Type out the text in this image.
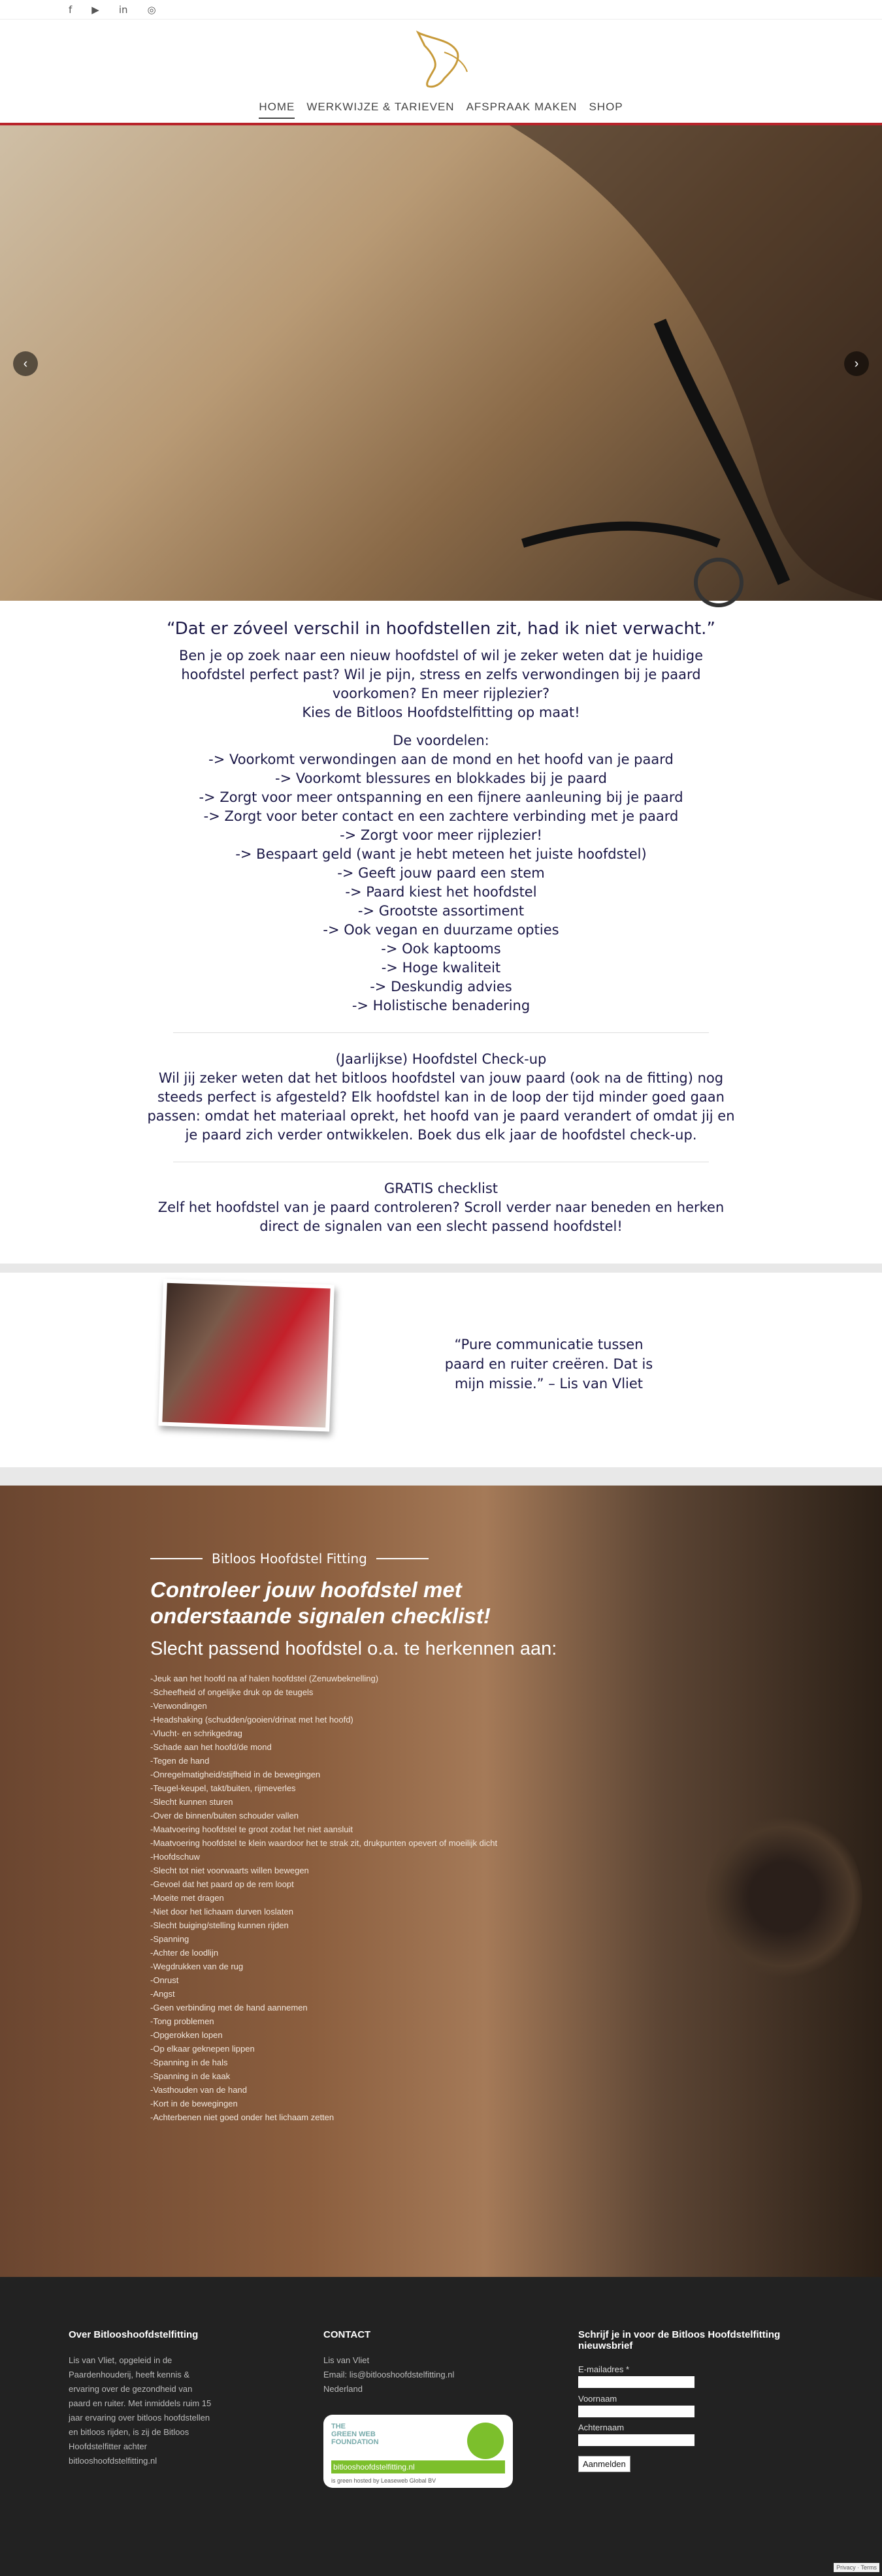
f ▶ in ◎
HOME WERKWIJZE & TARIEVEN AFSPRAAK MAKEN SHOP
‹	›
“Dat er zóveel verschil in hoofdstellen zit, had ik niet verwacht.”

Ben je op zoek naar een nieuw hoofdstel of wil je zeker weten dat je huidige hoofdstel perfect past? Wil je pijn, stress en zelfs verwondingen bij je paard voorkomen? En meer rijplezier?

Kies de Bitloos Hoofdstelfitting op maat!

De voordelen:

-> Voorkomt verwondingen aan de mond en het hoofd van je paard

-> Voorkomt blessures en blokkades bij je paard

-> Zorgt voor meer ontspanning en een fijnere aanleuning bij je paard

-> Zorgt voor beter contact en een zachtere verbinding met je paard

-> Zorgt voor meer rijplezier!

-> Bespaart geld (want je hebt meteen het juiste hoofdstel)

-> Geeft jouw paard een stem

-> Paard kiest het hoofdstel

-> Grootste assortiment

-> Ook vegan en duurzame opties

-> Ook kaptooms

-> Hoge kwaliteit

-> Deskundig advies

-> Holistische benadering

(Jaarlijkse) Hoofdstel Check-up

Wil jij zeker weten dat het bitloos hoofdstel van jouw paard (ook na de fitting) nog steeds perfect is afgesteld? Elk hoofdstel kan in de loop der tijd minder goed gaan passen: omdat het materiaal oprekt, het hoofd van je paard verandert of omdat jij en je paard zich verder ontwikkelen. Boek dus elk jaar de hoofdstel check-up.

GRATIS checklist

Zelf het hoofdstel van je paard controleren? Scroll verder naar beneden en herken direct de signalen van een slecht passend hoofdstel!

“Pure communicatie tussen paard en ruiter creëren. Dat is mijn missie.” – Lis van Vliet
Bitloos Hoofdstel Fitting
Controleer jouw hoofdstel met onderstaande signalen checklist!
Slecht passend hoofdstel o.a. te herkennen aan:
-Jeuk aan het hoofd na af halen hoofdstel (Zenuwbeknelling)
-Scheefheid of ongelijke druk op de teugels
-Verwondingen
-Headshaking (schudden/gooien/drinat met het hoofd)
-Vlucht- en schrikgedrag
-Schade aan het hoofd/de mond
-Tegen de hand
-Onregelmatigheid/stijfheid in de bewegingen
-Teugel-keupel, takt/buiten, rijmeverles
-Slecht kunnen sturen
-Over de binnen/buiten schouder vallen
-Maatvoering hoofdstel te groot zodat het niet aansluit
-Maatvoering hoofdstel te klein waardoor het te strak zit, drukpunten opevert of moeilijk dicht
-Hoofdschuw
-Slecht tot niet voorwaarts willen bewegen
-Gevoel dat het paard op de rem loopt
-Moeite met dragen
-Niet door het lichaam durven loslaten
-Slecht buiging/stelling kunnen rijden
-Spanning
-Achter de loodlijn
-Wegdrukken van de rug
-Onrust
-Angst
-Geen verbinding met de hand aannemen
-Tong problemen
-Opgerokken lopen
-Op elkaar geknepen lippen
-Spanning in de hals
-Spanning in de kaak
-Vasthouden van de hand
-Kort in de bewegingen
-Achterbenen niet goed onder het lichaam zetten
Over Bitlooshoofdstelfitting
Lis van Vliet, opgeleid in de Paardenhouderij, heeft kennis & ervaring over de gezondheid van paard en ruiter. Met inmiddels ruim 15 jaar ervaring over bitloos hoofdstellen en bitloos rijden, is zij de Bitloos Hoofdstelfitter achter bitlooshoofdstelfitting.nl
CONTACT
Lis van Vliet
Email: lis@bitlooshoofdstelfitting.nl
Nederland
THE
GREEN WEB
FOUNDATION
bitlooshoofdstelfitting.nl
is green hosted by Leaseweb Global BV
Schrijf je in voor de Bitloos Hoofdstelfitting nieuwsbrief
E-mailadres *
Voornaam
Achternaam
Aanmelden
Privacy · Terms
